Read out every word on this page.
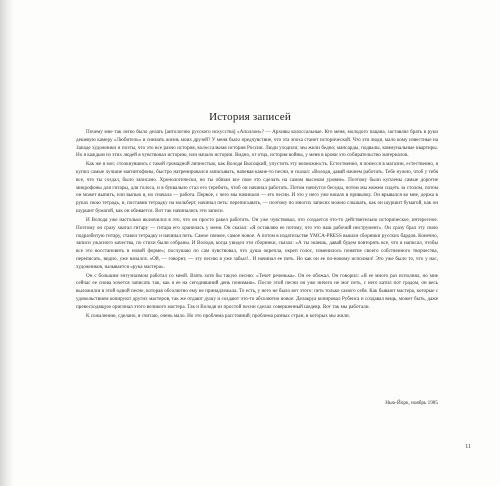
История записей

Почему мне так легко было делать [антологию русского искусства] «Аполлон»? — Архивы колоссальные. Кто меня, молодого пацана, заставлял брать в руки дешевую камеру «Любитель» и снимать жизнь моих друзей? У меня было предчувствие, что эта эпоха станет исторической. Что эти люди, мало кому известные на Западе художники и поэты, что это все разно история, колоссальная история России. Люди уходили; мы жили бедно; мансарды, подвалы, коммунальные квартиры. Но я каждым из этих людей я чувствовал историю, или начало истории. Видно, от отца, история войны, у меня в крови это собирательство материалов.

Как же я мог, столкнувшись с такой громадной личностью, как Володя Высоцкий, упустить эту возможность. Естественно, я понесся в магазин, естественно, я купил самые лучшие магнитофоны, быстро натренировался записывать, напевая какие-то песни, и сказал: «Володя, давай начнем работать. Тебе нужно, чтоб у тебя все, что ты создал, было записано. Хронологически, но ты обязан все свое это сделать на самом высоком уровне». Поэтому были куплены самые дорогие микрофоны для гитары, для голоса, и я буквально стал его теребить, чтоб он начинал работать. Потом начнутся беседы, потом мы можем сидеть за столом, потом он может выпить, или выпью я, но сначала — работа. Первое, с чего мы начинали — его песни. И это у него уже вошло в привычку. Он врывался ко мне, держа в руках свою тетрадь, и, поставив тетрадку на мольберт, начинал петь: переписывать, — поэтому по многих записях можно слышать, как он шуршит бумагой, как он шуршит бумагой, как он обивается. Вот так начинались эти записи.

И Володя уже настолько включился в это, что он просто ракел работать. Он уже чувствовал, что создается что-то действительно историческое, интересное. Поэтому он сразу хватал гитару — гитара его хранилась у меня. Он сказал: «Я оставляю ее потому, что это наш рабочий инструмент». Он сразу брал эту свою подразбитую гитару, ставил тетрадку и начинал петь. Самое свежее, самое новое. А потом в издательстве YMCA-PRESS вышли сборники русских бардов. Конечно, записи ужасного качества, по стихи были собраны. И Володя, когда увидел эти сборники, сказал: «А ты знаешь, давай будем повторять все, что я написал, чтобы все это восстановить в новой форме»; послушаю по сам чувствовал, что душа окрепла, окреп голос, изменилось понятие своего собственного творчества, переписать, видно, уже начался. «Ой, — говорит, — эту песню я уже забыл!.. И начинал ее петь. Но как он ее по-новому исполнял! Это уже было то, что у нас, художников, называется «рука мастера».

Он с большим энтузиазмом работал со мной. Взять хотя бы такую песню: «Течет реченька». Он ее обожал. Он говорил: «Я ее много раз исполнял, но мне сейчас ее снова хочется записать так, как я ее на сегодняшний день понимаю». После этой песни он уже ничего не мог петь, с него катил пот градом, он весь выложился в этой одной песне, которая обсолютно ему не принадлежала. То есть, у него не было вот этого: петь только самого себя. Как бывают мастера, которые с удовольствием копируют других мастеров, так же отдают душу и создают что-то абсолютно новое. Делакруа копировал Рубенса и создавал вещь, может быть, даже превосходящую оригинал этого великого мастера. Так и Володя из простой песни сделал совершенный шедевр. Вот так мы работали.

К сожалению, сделано, я считаю, очень мало. Но это проблема расстояний, проблема разных стран, в которых мы жили.

Нью-Йорк, ноябрь 1985
11
